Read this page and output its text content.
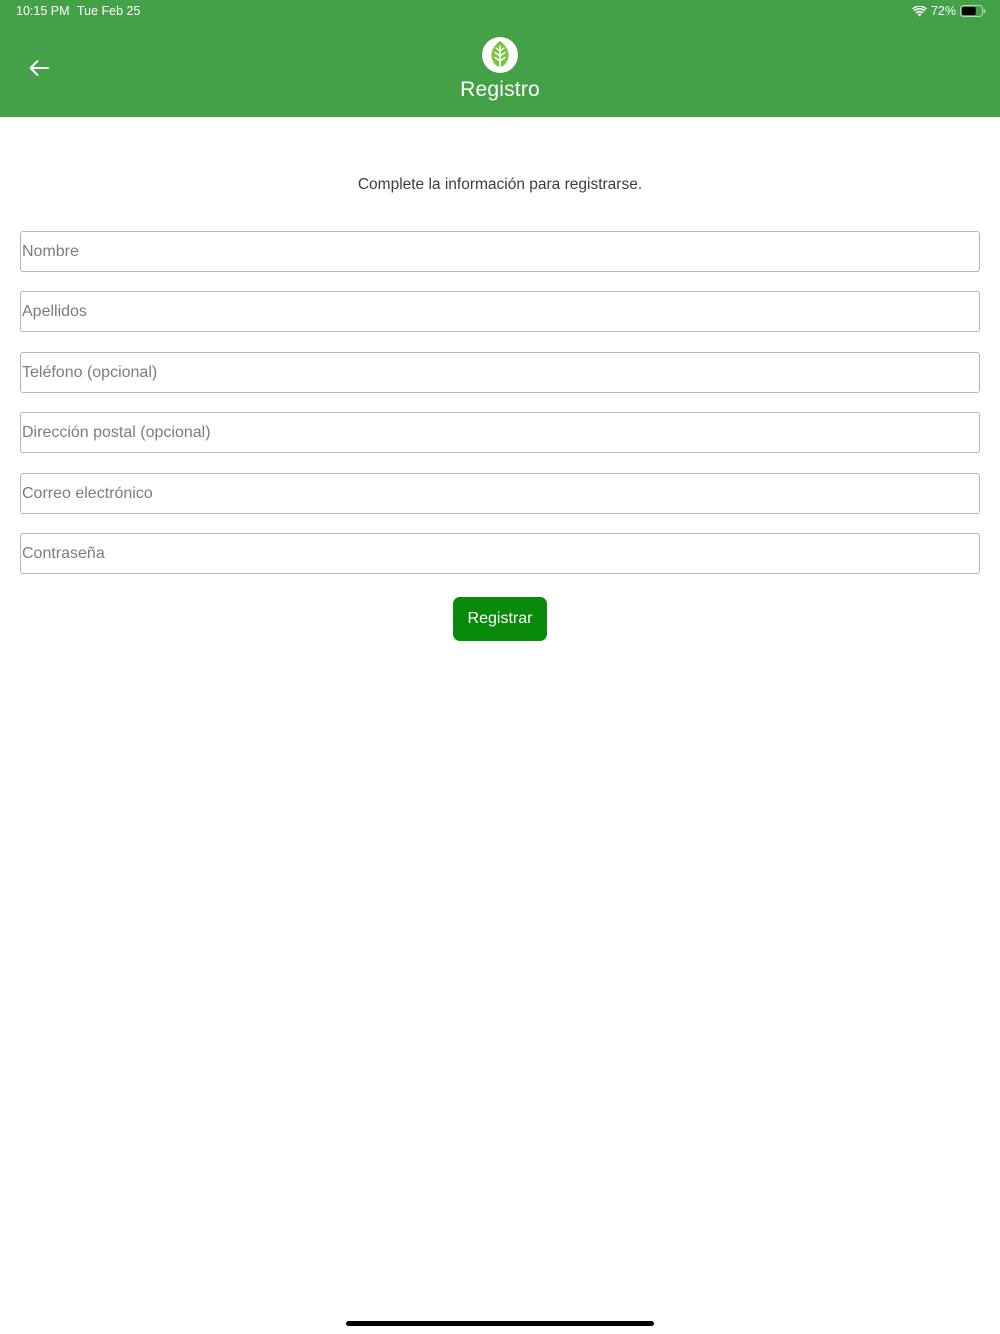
10:15 PM Tue Feb 25	72%
Registro
Complete la información para registrarse.
Nombre
Apellidos
Teléfono (opcional)
Dirección postal (opcional)
Correo electrónico
Registrar
